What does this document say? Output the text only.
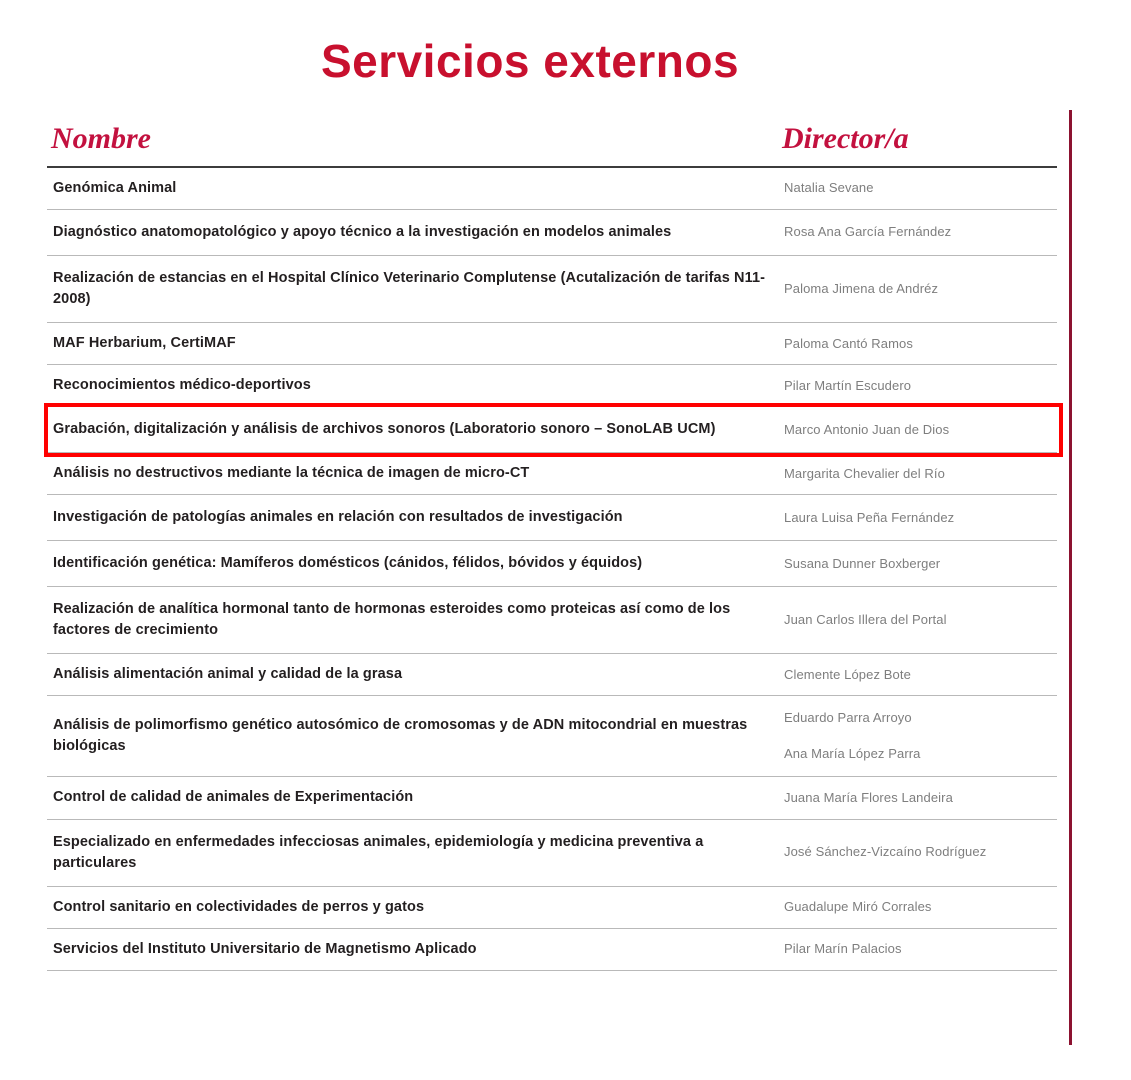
Servicios externos
Nombre	Director/a
Genómica Animal	Natalia Sevane

Diagnóstico anatomopatológico y apoyo técnico a la investigación en modelos animales	Rosa Ana García Fernández

Realización de estancias en el Hospital Clínico Veterinario Complutense (Acutalización de tarifas N11-2008)	Paloma Jimena de Andréz

MAF Herbarium, CertiMAF	Paloma Cantó Ramos

Reconocimientos médico-deportivos	Pilar Martín Escudero

Grabación, digitalización y análisis de archivos sonoros (Laboratorio sonoro – SonoLAB UCM)	Marco Antonio Juan de Dios

Análisis no destructivos mediante la técnica de imagen de micro-CT	Margarita Chevalier del Río

Investigación de patologías animales en relación con resultados de investigación	Laura Luisa Peña Fernández

Identificación genética: Mamíferos domésticos (cánidos, félidos, bóvidos y équidos)	Susana Dunner Boxberger

Realización de analítica hormonal tanto de hormonas esteroides como proteicas así como de los factores de crecimiento	Juan Carlos Illera del Portal

Análisis alimentación animal y calidad de la grasa	Clemente López Bote

Análisis de polimorfismo genético autosómico de cromosomas y de ADN mitocondrial en muestras biológicas	Eduardo Parra Arroyo
Ana María López Parra

Control de calidad de animales de Experimentación	Juana María Flores Landeira

Especializado en enfermedades infecciosas animales, epidemiología y medicina preventiva a particulares	José Sánchez-Vizcaíno Rodríguez

Control sanitario en colectividades de perros y gatos	Guadalupe Miró Corrales

Servicios del Instituto Universitario de Magnetismo Aplicado	Pilar Marín Palacios
